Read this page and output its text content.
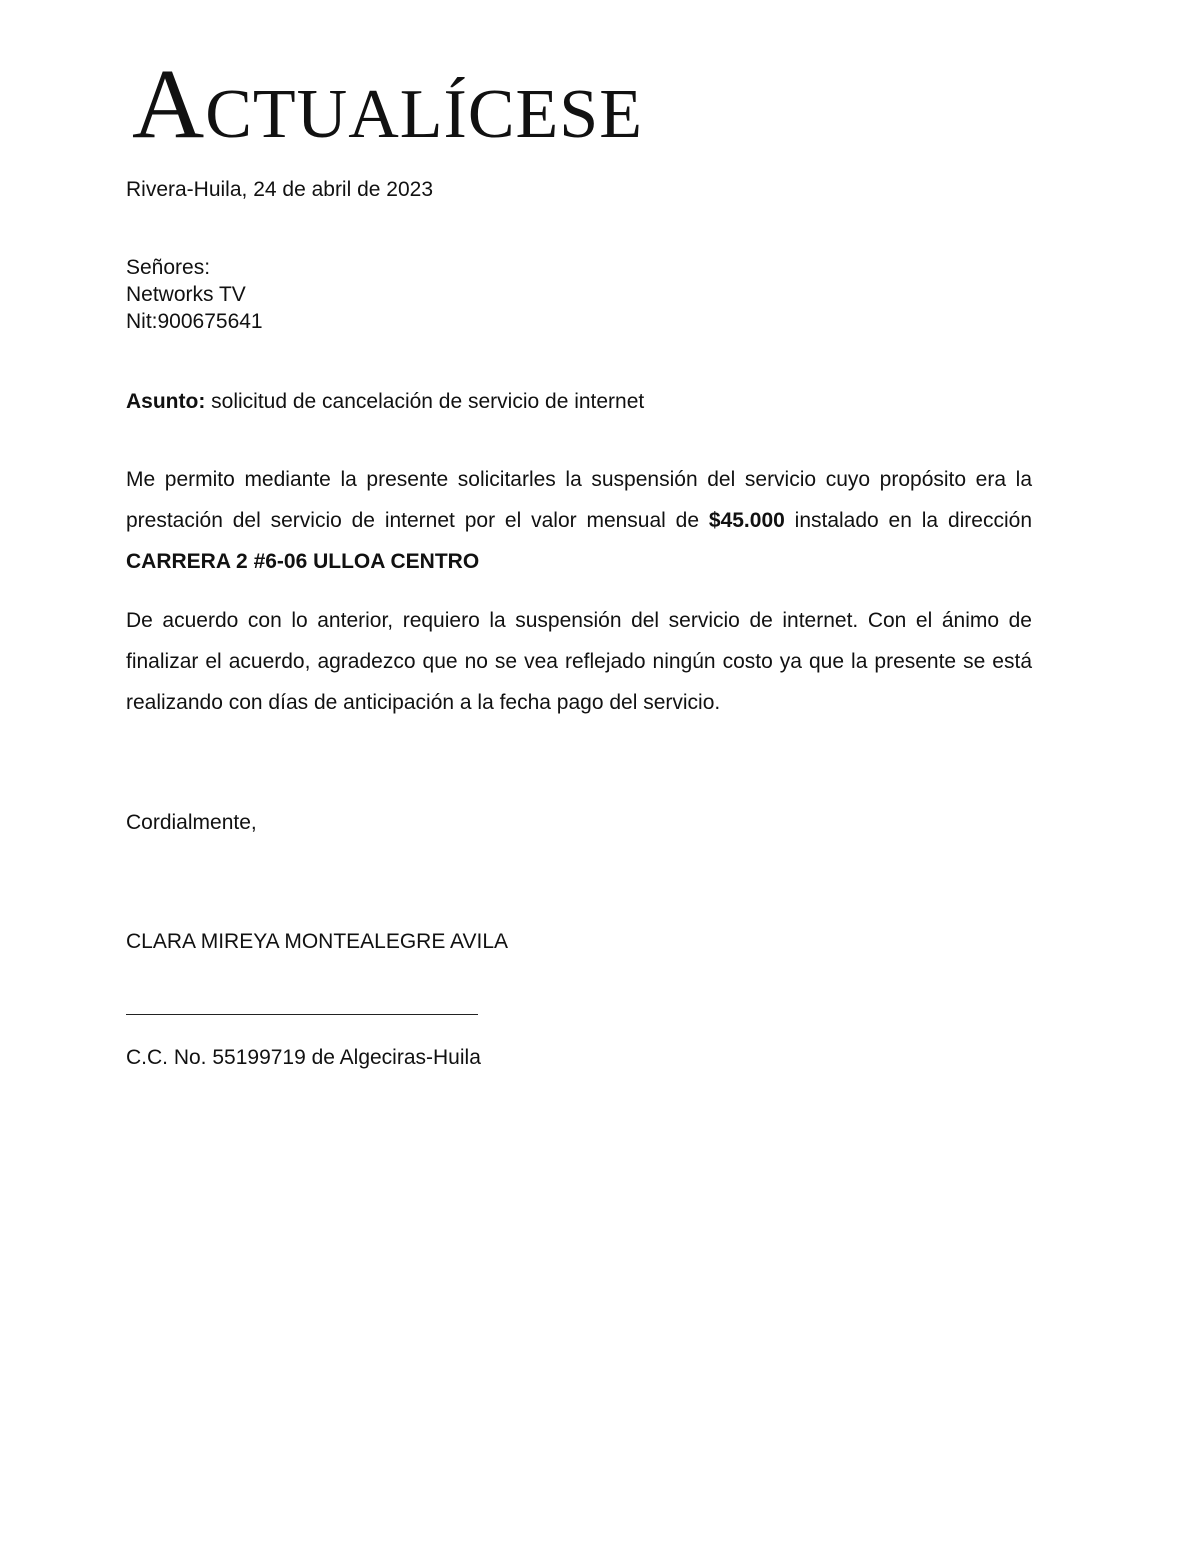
Actualícese
Rivera-Huila, 24 de abril de 2023
Señores:
Networks TV
Nit:900675641
Asunto: solicitud de cancelación de servicio de internet

Me permito mediante la presente solicitarles la suspensión del servicio cuyo propósito era la prestación del servicio de internet por el valor mensual de $45.000 instalado en la dirección CARRERA 2 #6-06 ULLOA CENTRO

De acuerdo con lo anterior, requiero la suspensión del servicio de internet. Con el ánimo de finalizar el acuerdo, agradezco que no se vea reflejado ningún costo ya que la presente se está realizando con días de anticipación a la fecha pago del servicio.

Cordialmente,
CLARA MIREYA MONTEALEGRE AVILA
C.C. No. 55199719 de Algeciras-Huila
